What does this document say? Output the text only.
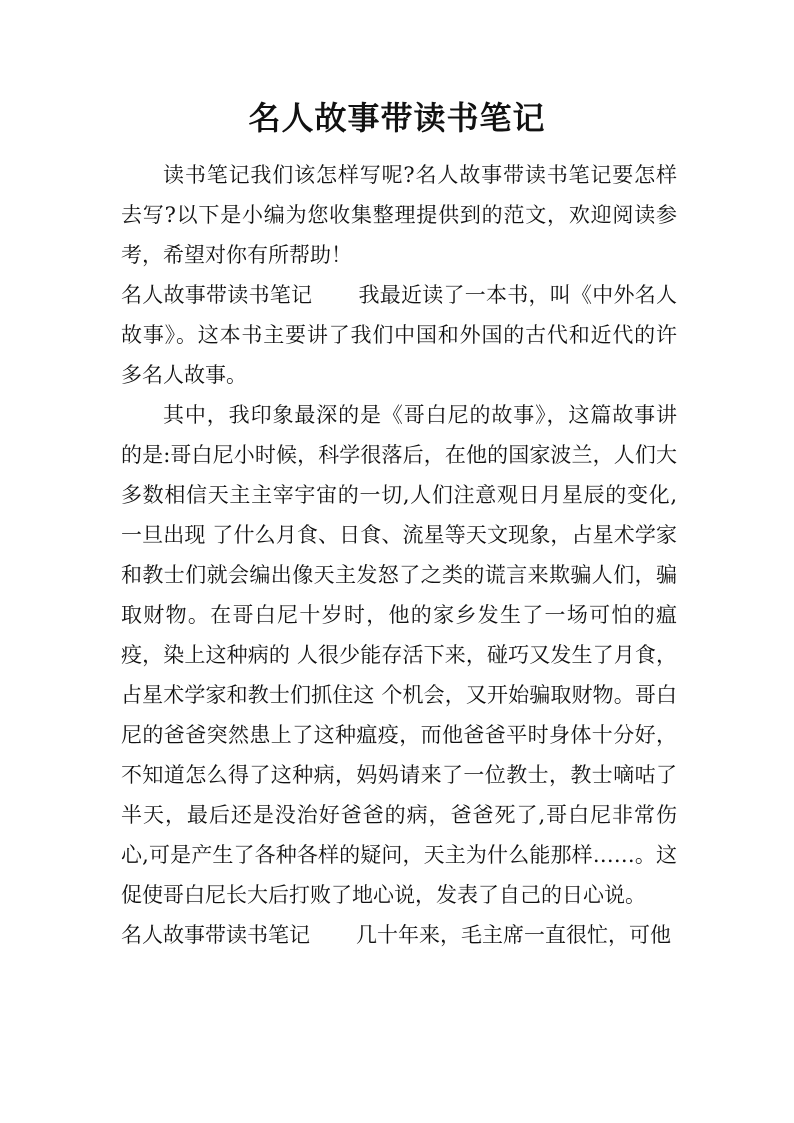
名人故事带读书笔记

读书笔记我们该怎样写呢?名人故事带读书笔记要怎样去写?以下是小编为您收集整理提供到的范文，欢迎阅读参考，希望对你有所帮助！

名人故事带读书笔记 我最近读了一本书，叫《中外名人故事》。这本书主要讲了我们中国和外国的古代和近代的许多名人故事。

其中，我印象最深的是《哥白尼的故事》，这篇故事讲的是:哥白尼小时候，科学很落后，在他的国家波兰，人们大多数相信天主主宰宇宙的一切,人们注意观日月星辰的变化,一旦出现 了什么月食、日食、流星等天文现象，占星术学家和教士们就会编出像天主发怒了之类的谎言来欺骗人们，骗取财物。在哥白尼十岁时，他的家乡发生了一场可怕的瘟疫，染上这种病的 人很少能存活下来，碰巧又发生了月食，占星术学家和教士们抓住这 个机会，又开始骗取财物。哥白尼的爸爸突然患上了这种瘟疫，而他爸爸平时身体十分好，不知道怎么得了这种病，妈妈请来了一位教士，教士嘀咕了半天，最后还是没治好爸爸的病，爸爸死了,哥白尼非常伤心,可是产生了各种各样的疑问，天主为什么能那样……。这促使哥白尼长大后打败了地心说，发表了自己的日心说。

名人故事带读书笔记 几十年来，毛主席一直很忙，可他
